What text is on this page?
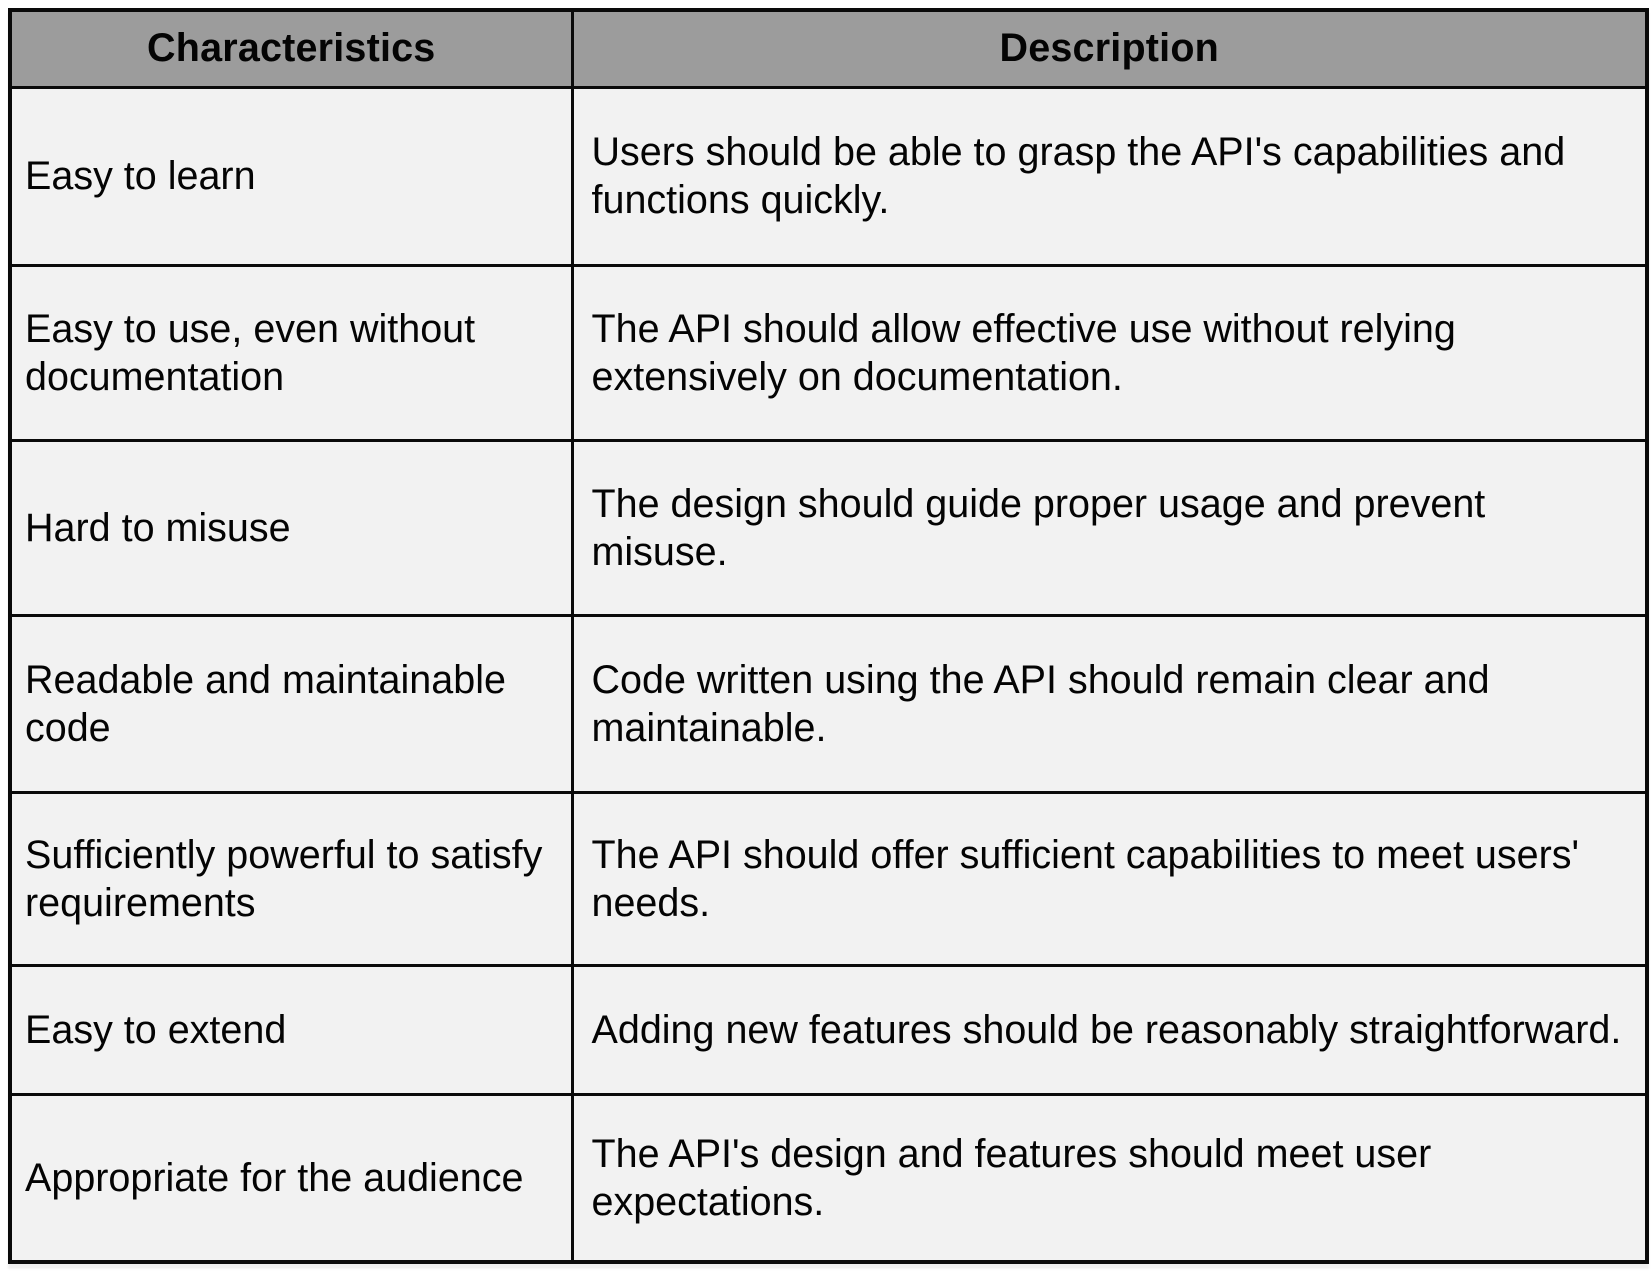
Characteristics	Description
Easy to learn	Users should be able to grasp the API's capabilities and functions quickly.
Easy to use, even without documentation	The API should allow effective use without relying extensively on documentation.
Hard to misuse	The design should guide proper usage and prevent misuse.
Readable and maintainable code	Code written using the API should remain clear and maintainable.
Sufficiently powerful to satisfy requirements	The API should offer sufficient capabilities to meet users' needs.
Easy to extend	Adding new features should be reasonably straightforward.
Appropriate for the audience	The API's design and features should meet user expectations.
